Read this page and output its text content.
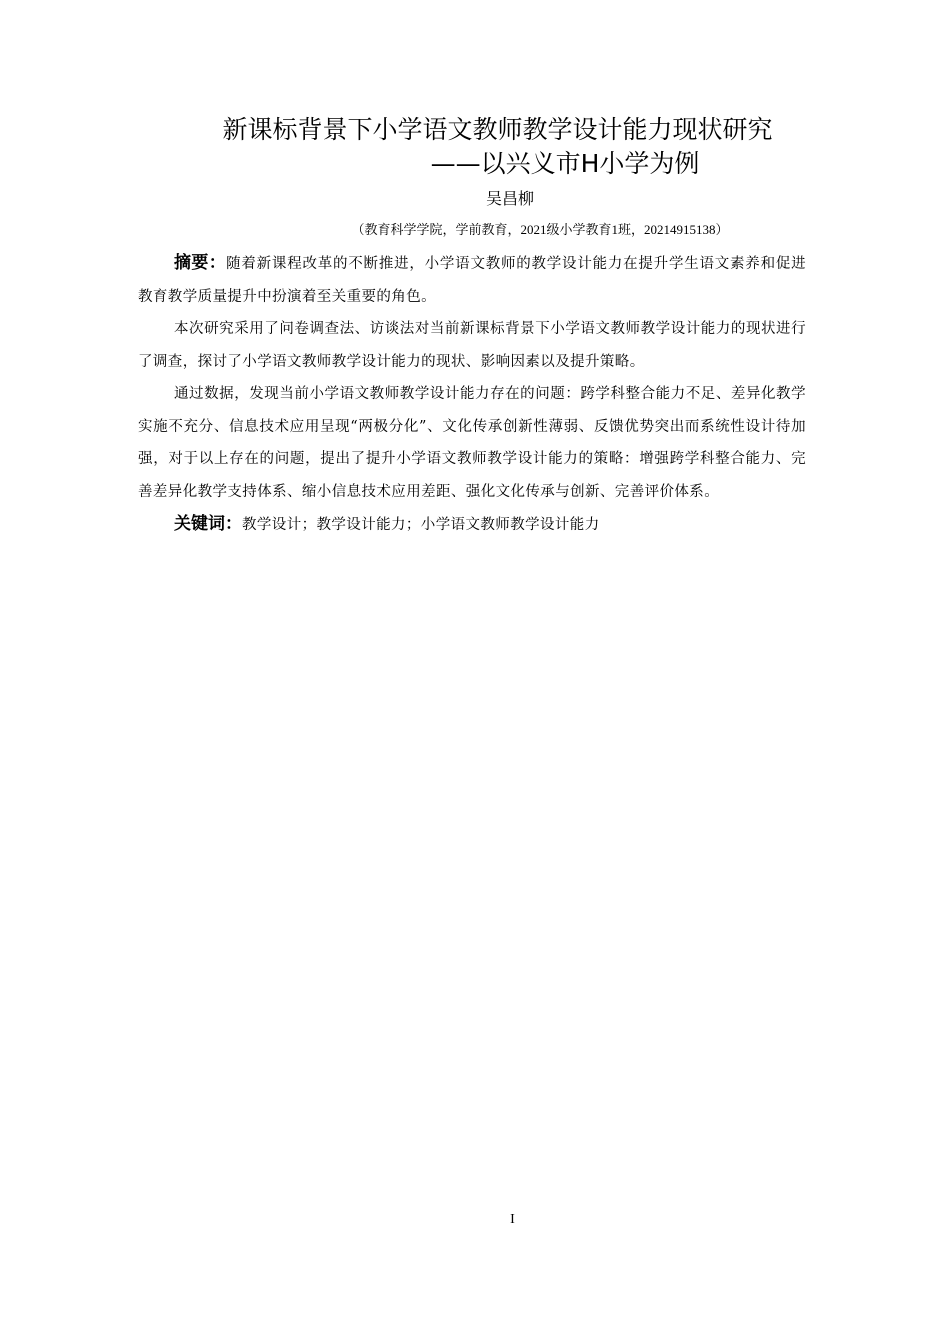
新课标背景下小学语文教师教学设计能力现状研究
——以兴义市H小学为例
吴昌柳
（教育科学学院，学前教育，2021级小学教育1班，20214915138）

摘要：随着新课程改革的不断推进，小学语文教师的教学设计能力在提升学生语文素养和促进教育教学质量提升中扮演着至关重要的角色。

本次研究采用了问卷调查法、访谈法对当前新课标背景下小学语文教师教学设计能力的现状进行了调查，探讨了小学语文教师教学设计能力的现状、影响因素以及提升策略。

通过数据，发现当前小学语文教师教学设计能力存在的问题：跨学科整合能力不足、差异化教学实施不充分、信息技术应用呈现“两极分化”、文化传承创新性薄弱、反馈优势突出而系统性设计待加强，对于以上存在的问题，提出了提升小学语文教师教学设计能力的策略：增强跨学科整合能力、完善差异化教学支持体系、缩小信息技术应用差距、强化文化传承与创新、完善评价体系。

关键词：教学设计；教学设计能力；小学语文教师教学设计能力

I
